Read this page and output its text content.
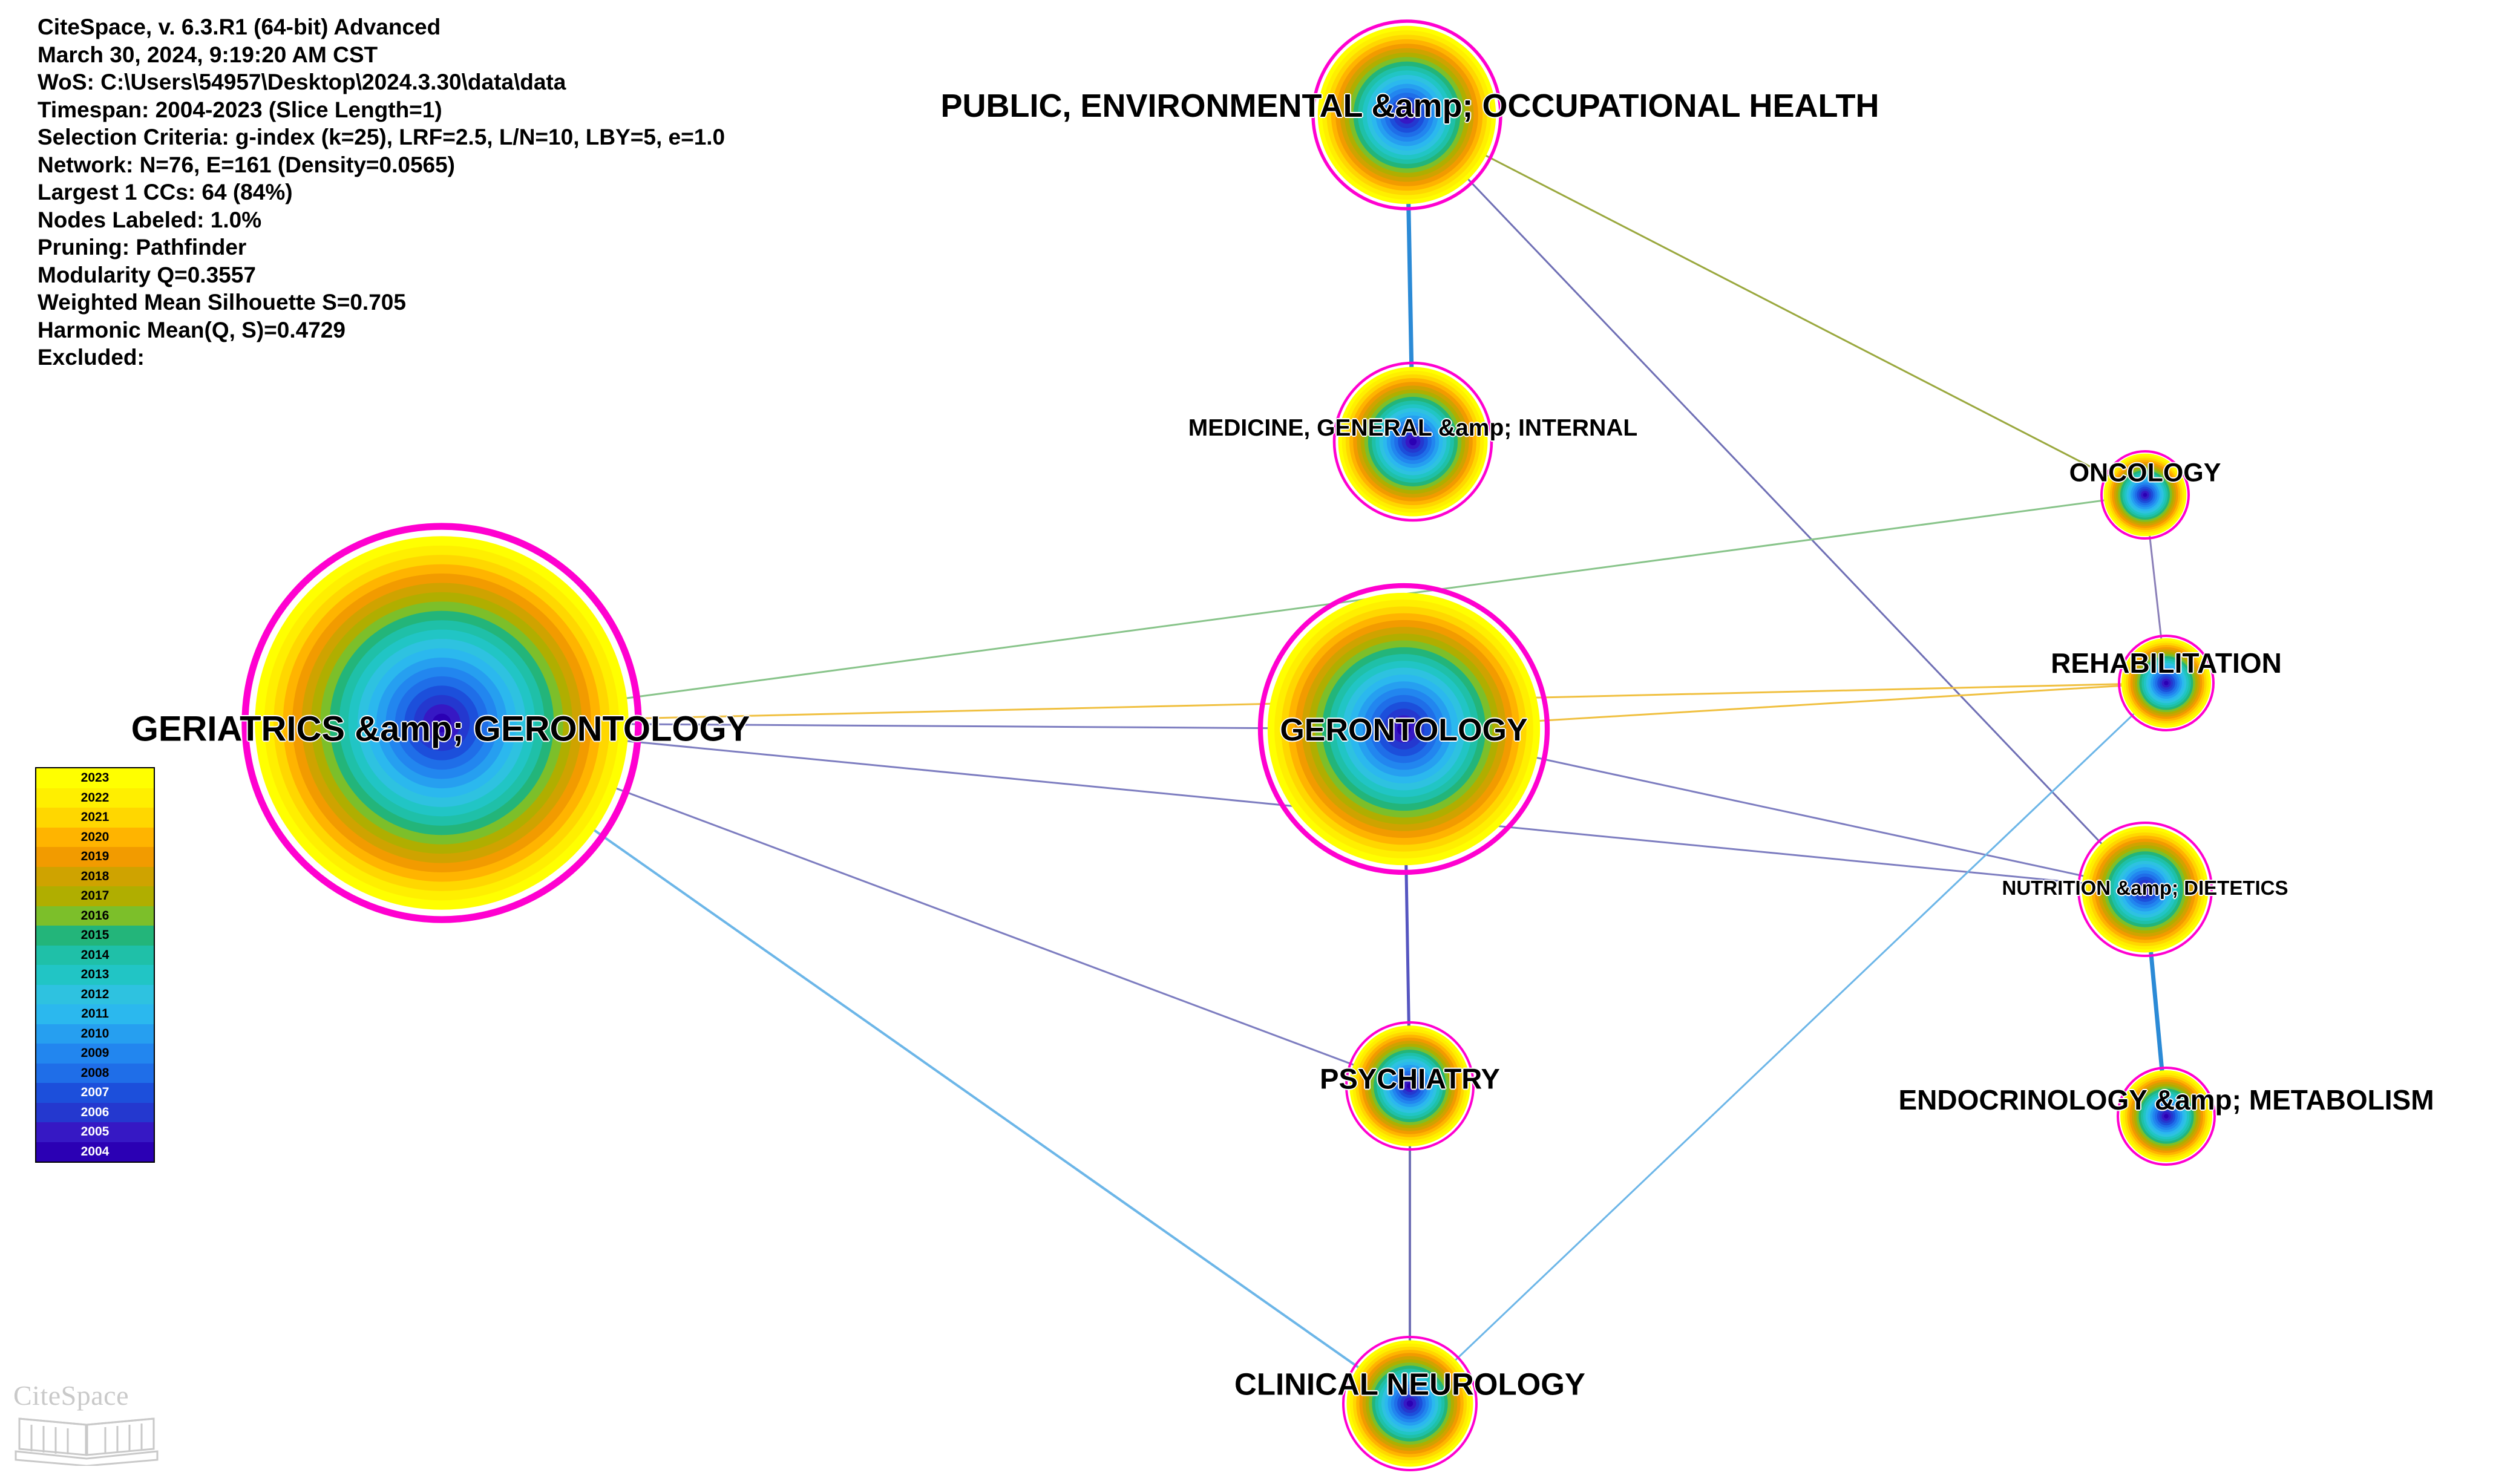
CiteSpace, v. 6.3.R1 (64-bit) Advanced
March 30, 2024, 9:19:20 AM CST
WoS: C:\Users\54957\Desktop\2024.3.30\data\data
Timespan: 2004-2023 (Slice Length=1)
Selection Criteria: g-index (k=25), LRF=2.5, L/N=10, LBY=5, e=1.0
Network: N=76, E=161 (Density=0.0565)
Largest 1 CCs: 64 (84%)
Nodes Labeled: 1.0%
Pruning: Pathfinder
Modularity Q=0.3557
Weighted Mean Silhouette S=0.705
Harmonic Mean(Q, S)=0.4729
Excluded:
PUBLIC, ENVIRONMENTAL &amp; OCCUPATIONAL HEALTH
MEDICINE, GENERAL &amp; INTERNAL
ONCOLOGY
REHABILITATION
GERIATRICS &amp; GERONTOLOGY	GERONTOLOGY
NUTRITION &amp; DIETETICS
PSYCHIATRY
ENDOCRINOLOGY &amp; METABOLISM
CLINICAL NEUROLOGY
2023
2022
2021
2020
2019
2018
2017
2016
2015
2014
2013
2012
2011
2010
2009
2008
2007
2006
2005
2004
CiteSpace
